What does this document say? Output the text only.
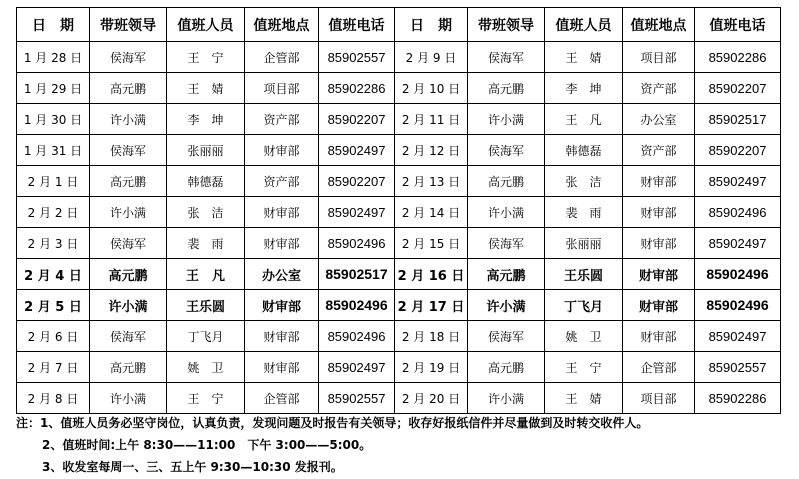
日　期	带班领导	值班人员	值班地点	值班电话	日　期	带班领导	值班人员	值班地点	值班电话
1 月 28 日	侯海军	王　宁	企管部	85902557	2 月 9 日	侯海军	王　婧	项目部	85902286
1 月 29 日	高元鹏	王　婧	项目部	85902286	2 月 10 日	高元鹏	李　坤	资产部	85902207
1 月 30 日	许小满	李　坤	资产部	85902207	2 月 11 日	许小满	王　凡	办公室	85902517
1 月 31 日	侯海军	张丽丽	财审部	85902497	2 月 12 日	侯海军	韩德磊	资产部	85902207
2 月 1 日	高元鹏	韩德磊	资产部	85902207	2 月 13 日	高元鹏	张　洁	财审部	85902497
2 月 2 日	许小满	张　洁	财审部	85902497	2 月 14 日	许小满	裴　雨	财审部	85902496
2 月 3 日	侯海军	裴　雨	财审部	85902496	2 月 15 日	侯海军	张丽丽	财审部	85902497
2 月 4 日	高元鹏	王　凡	办公室	85902517	2 月 16 日	高元鹏	王乐圆	财审部	85902496
2 月 5 日	许小满	王乐圆	财审部	85902496	2 月 17 日	许小满	丁飞月	财审部	85902496
2 月 6 日	侯海军	丁飞月	财审部	85902496	2 月 18 日	侯海军	姚　卫	财审部	85902497
2 月 7 日	高元鹏	姚　卫	财审部	85902497	2 月 19 日	高元鹏	王　宁	企管部	85902557
2 月 8 日	许小满	王　宁	企管部	85902557	2 月 20 日	许小满	王　婧	项目部	85902286
注：1、值班人员务必坚守岗位，认真负责，发现问题及时报告有关领导；收存好报纸信件并尽量做到及时转交收件人。
2、值班时间:上午 8:30——11:00　下午 3:00——5:00。
3、收发室每周一、三、五上午 9:30—10:30 发报刊。
